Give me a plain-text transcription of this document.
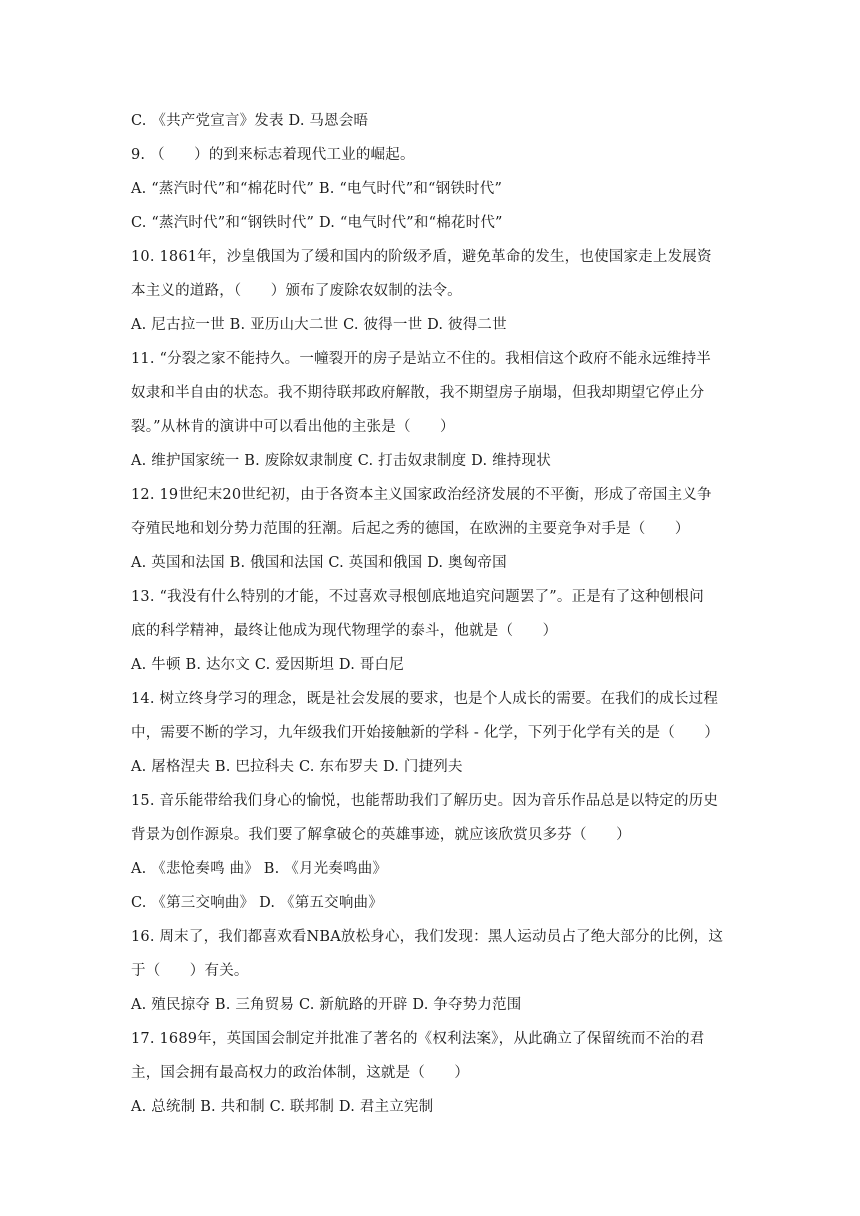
C. 《共产党宣言》发表 D. 马恩会晤
9. （　　）的到来标志着现代工业的崛起。
A. “蒸汽时代”和“棉花时代” B. “电气时代”和“钢铁时代”
C. “蒸汽时代”和“钢铁时代” D. “电气时代”和“棉花时代”
10. 1861年，沙皇俄国为了缓和国内的阶级矛盾，避免革命的发生，也使国家走上发展资
本主义的道路，（　　）颁布了废除农奴制的法令。
A. 尼古拉一世 B. 亚历山大二世 C. 彼得一世 D. 彼得二世
11. “分裂之家不能持久。一幢裂开的房子是站立不住的。我相信这个政府不能永远维持半
奴隶和半自由的状态。我不期待联邦政府解散，我不期望房子崩塌，但我却期望它停止分
裂。”从林肯的演讲中可以看出他的主张是（　　）
A. 维护国家统一 B. 废除奴隶制度 C. 打击奴隶制度 D. 维持现状
12. 19世纪末20世纪初，由于各资本主义国家政治经济发展的不平衡，形成了帝国主义争
夺殖民地和划分势力范围的狂潮。后起之秀的德国，在欧洲的主要竞争对手是（　　）
A. 英国和法国 B. 俄国和法国 C. 英国和俄国 D. 奥匈帝国
13. “我没有什么特别的才能，不过喜欢寻根刨底地追究问题罢了”。正是有了这种刨根问
底的科学精神，最终让他成为现代物理学的泰斗，他就是（　　）
A. 牛顿 B. 达尔文 C. 爱因斯坦 D. 哥白尼
14. 树立终身学习的理念，既是社会发展的要求，也是个人成长的需要。在我们的成长过程
中，需要不断的学习，九年级我们开始接触新的学科 - 化学，下列于化学有关的是（　　）
A. 屠格涅夫 B. 巴拉科夫 C. 东布罗夫 D. 门捷列夫
15. 音乐能带给我们身心的愉悦，也能帮助我们了解历史。因为音乐作品总是以特定的历史
背景为创作源泉。我们要了解拿破仑的英雄事迹，就应该欣赏贝多芬（　　）
A. 《悲怆奏鸣 曲》 B. 《月光奏鸣曲》
C. 《第三交响曲》 D. 《第五交响曲》
16. 周末了，我们都喜欢看NBA放松身心，我们发现：黑人运动员占了绝大部分的比例，这
于（　　）有关。
A. 殖民掠夺 B. 三角贸易 C. 新航路的开辟 D. 争夺势力范围
17. 1689年，英国国会制定并批准了著名的《权利法案》，从此确立了保留统而不治的君
主，国会拥有最高权力的政治体制，这就是（　　）
A. 总统制 B. 共和制 C. 联邦制 D. 君主立宪制
